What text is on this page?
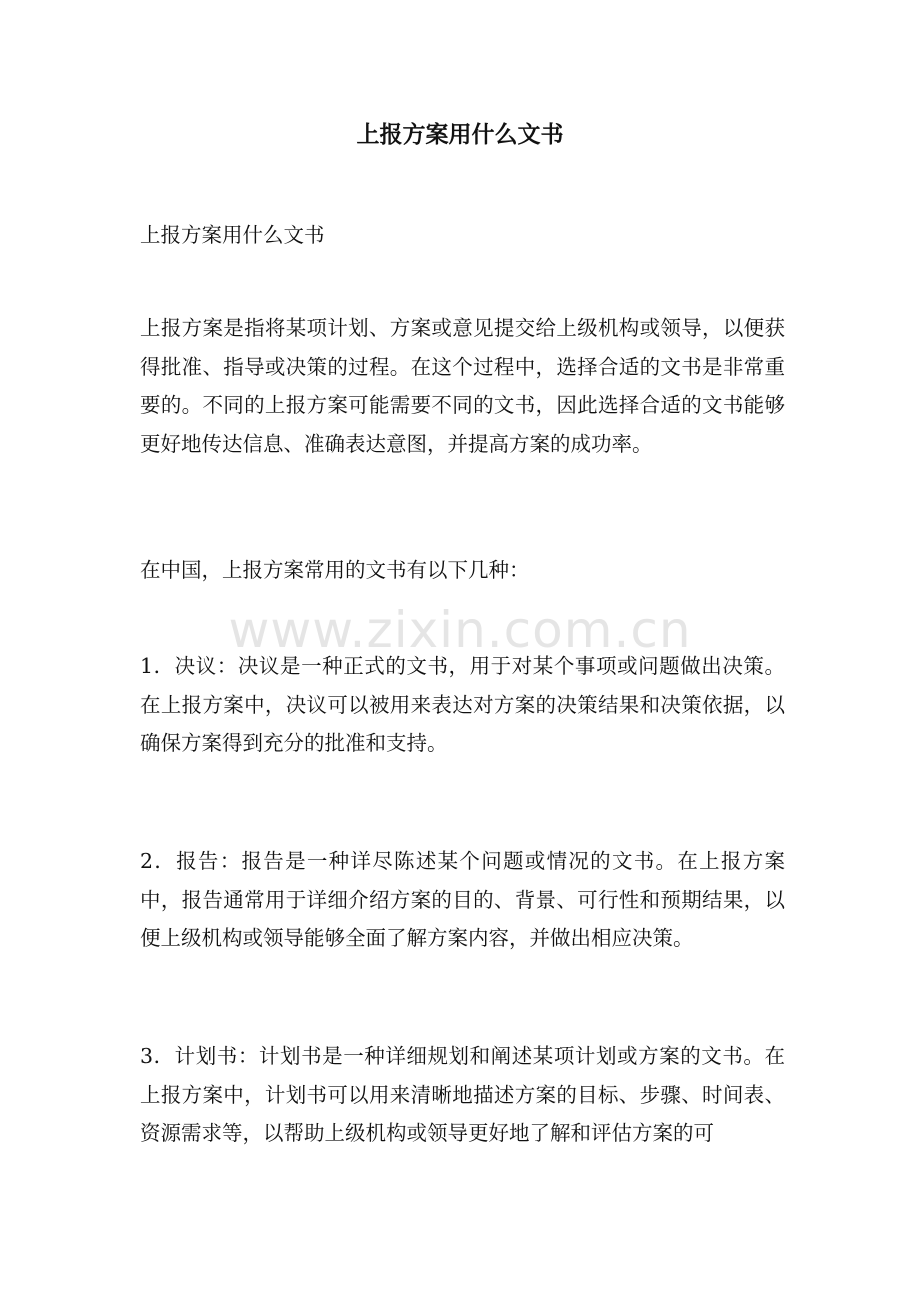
上报方案用什么文书

上报方案用什么文书

上报方案是指将某项计划、方案或意见提交给上级机构或领导，以便获得批准、指导或决策的过程。在这个过程中，选择合适的文书是非常重要的。不同的上报方案可能需要不同的文书，因此选择合适的文书能够更好地传达信息、准确表达意图，并提高方案的成功率。

在中国，上报方案常用的文书有以下几种：

1．决议：决议是一种正式的文书，用于对某个事项或问题做出决策。在上报方案中，决议可以被用来表达对方案的决策结果和决策依据，以确保方案得到充分的批准和支持。

2．报告：报告是一种详尽陈述某个问题或情况的文书。在上报方案中，报告通常用于详细介绍方案的目的、背景、可行性和预期结果，以便上级机构或领导能够全面了解方案内容，并做出相应决策。

3．计划书：计划书是一种详细规划和阐述某项计划或方案的文书。在上报方案中，计划书可以用来清晰地描述方案的目标、步骤、时间表、资源需求等，以帮助上级机构或领导更好地了解和评估方案的可

www.zixin.com.cn
